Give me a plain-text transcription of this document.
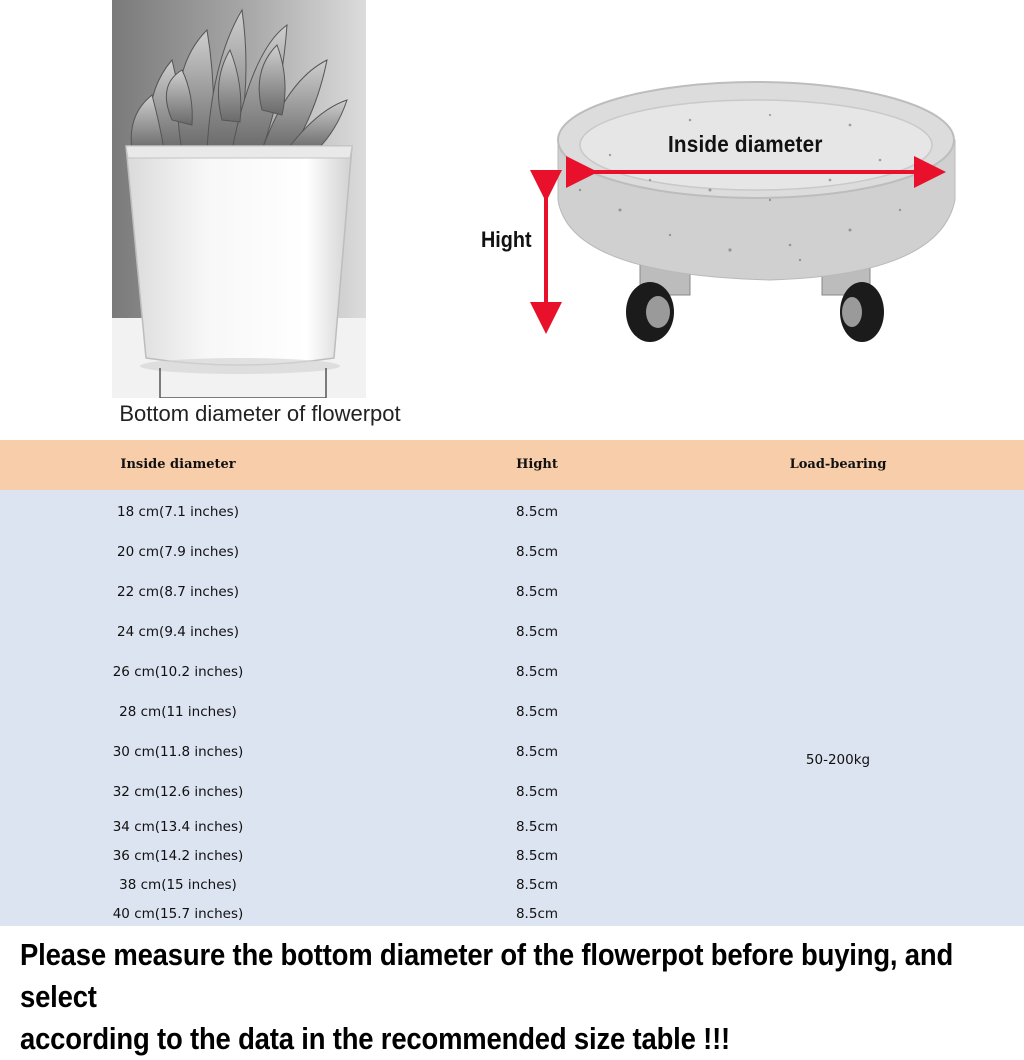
Bottom diameter of flowerpot
Inside diameter
Hight
Inside diameter	Hight	Load-bearing
18 cm(7.1 inches)	8.5cm
20 cm(7.9 inches)	8.5cm
22 cm(8.7 inches)	8.5cm
24 cm(9.4 inches)	8.5cm
26 cm(10.2 inches)	8.5cm
28 cm(11 inches)	8.5cm
30 cm(11.8 inches)	8.5cm
32 cm(12.6 inches)	8.5cm
34 cm(13.4 inches)	8.5cm
36 cm(14.2 inches)	8.5cm
38 cm(15 inches)	8.5cm
40 cm(15.7 inches)	8.5cm
50-200kg
Please measure the bottom diameter of the flowerpot before buying, and select
according to the data in the recommended size table !!!
